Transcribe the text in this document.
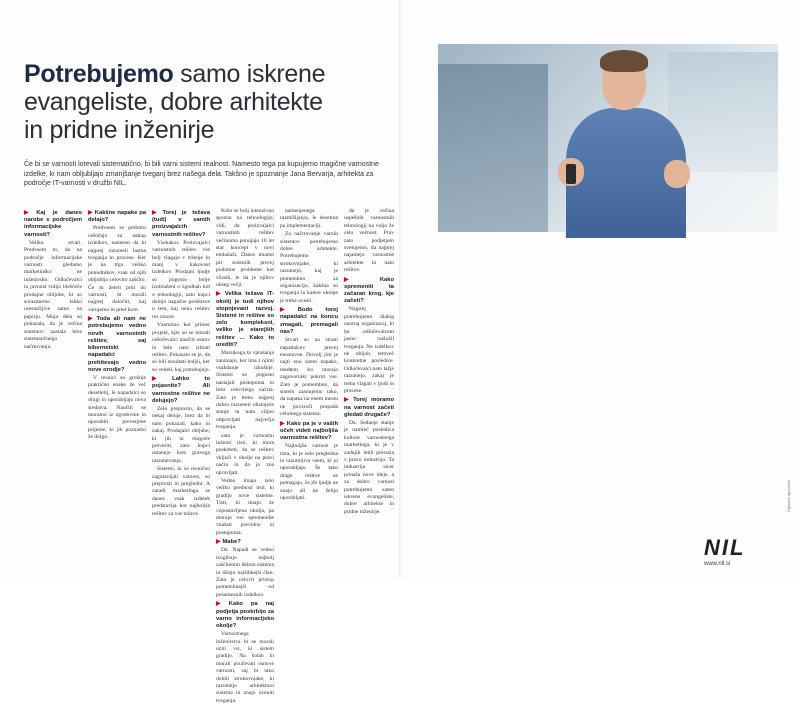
Potrebujemo samo iskrene
evangeliste, dobre arhitekte
in pridne inženirje
Če bi se varnosti lotevali sistematično, bi bili varni sistemi realnost. Namesto tega pa kupujemo magične varnostne izdelke, ki nam obljubljajo zmanjšanje tveganj brez našega dela. Takšno je spoznanje Jana Bervarja, arhitekta za področje IT-varnosti v družbi NIL.
▶ Kaj je danes narobe s področjem informacijske varnosti?
Veliko stvari. Predvsem to, da na področje informacijske varnosti gledamo marketinško ne inženirsko. Odločevalci in javnost vidijo bleščeče prodajne obljube, ki so sorazmerno lahko uresničljive samo na papirju. Moja dela so pokazala, da je večina sistemov nastala brez sistematičnega načrtovanja.
▶ Kakšne napake pa delajo?
Predvsem se prehitro odločajo za nakup izdelkov, namesto da bi najprej razumeli lastna tveganja in procese. Ker je na trgu veliko ponudnikov, vsak od njih obljublja celovito zaščito. Če bi želeli priti do varnosti, bi morali najprej določiti, kaj varujemo in pred kom.
▶ Toda ali nam ne potrebujemo vedno novih varnostnih rešitev, saj kibernetski napadalci prehitevajo vedno nove orodje?
V resnici so grožnje praktično enake že več desetletij, le napadalci so drugi in uporabljajo nova sredstva. Naučiti se moramo iz zgodovine in uporabiti preverjene prijeme, ki jih poznamo že dolgo.
▶ Torej je težava (tudi) v samih proizvajalcih varnostnih rešitev?
Vsekakor. Proizvajalci varnostnih rešitev vse bolj vlagajo v trženje in manj v kakovost izdelkov. Prodajni ljudje so pogosto bolje izobraženi o zgodbah kot o tehnologiji, zato kupci dobijo napačne predstave o tem, kaj neka rešitev res zmore.
Vzemimo kot primer projekt, kjer so se morali odločevalci naučiti osnov in šele nato izbrati rešitev. Pokazalo se je, da so bili rezultati boljši, ker so vedeli, kaj potrebujejo.
▶ Lahko to pojasnite? Ali varnostne rešitve ne delujejo?
Zelo preprosto, da se nekaj deluje, brez da bi nam pokazali, kako in zakaj. Prodajalci obljube, ki jih ni mogoče preveriti, zato kupci ostanejo brez pravega razumevanja.
Sistemi, ki so resnično zagotavljali varnost, so preprosti in pregledni. A zaradi marketinga se danes vsak izdelek predstavlja kot najboljša rešitev za vse težave.
Kdor se bolj intenzivno spozna na tehnologijo, vidi, da proizvajalci varnostnih rešitev večinoma ponujajo 10 let star koncept v novi embalaži. Danes imamo pri sistemih precej podobne probleme kot včasih, le da je njihov obseg večji.
▶ Velika težava IT-okolij je tudi njihov stopnjevani razvoj. Sistemi in rešitve so zelo kompleksni, veliko je starejših rešitev ... Kako to urediti?
Marsikoga ta vprašanja zanimajo, ker ima z njimi vsakdanje izkušnje. Sistemi so pogosto nastajali postopoma in brez celovitega načrta. Zato je treba najprej dobro razumeti obstoječe stanje in nato ciljno odpravljati največja tveganja.
zato je varnostni inženir tisti, ki mora poskrbeti, da se rešitev vključi v okolje na pravi način in da jo zna upravljati.
Vedno imajo zelo veliko prednost tisti, ki gradijo nove sisteme. Tisti, ki imajo že vzpostavljena okolja, pa morajo vse spremembe vnašati previdno in postopoma.
▶ Mabe?
Da. Napadi se vedno izogibajo najbolj zaščitenim delom sistema in iščejo najšibkejši člen. Zato je celovit pristop pomembnejši od posameznih izdelkov.
▶ Kako pa naj podjetja poskrbijo za varno informacijsko okolje?
Varnostnega inženirstva bi se morali učiti vsi, ki sistem gradijo. Na šolah bi morali poučevati osnove varnosti, saj bi tako dobili strokovnjake, ki razumejo arhitekturo sistema in znajo oceniti tveganja.
namenjenega razmišljanju, le desetina pa implementaciji.
Za načrtovanje varnih sistemov potrebujemo dobre arhitekte. Potrebujemo strokovnjake, ki razumejo, kaj je pomembno za organizacijo, kakšna so tveganja in katere ukrepe je treba uvesti.
▶ Bodo torej napadalci na koncu zmagali, premagali nas?
Stvari so na strani napadalcev precej enostavne. Dovolj jim je najti eno samo napako, medtem ko morajo zagovorniki pokriti vse. Zato je pomembno, da sistem zasnujemo tako, da napaka na enem mestu ne povzroči propada celotnega sistema.
▶ Kako pa je v vaših očeh videti najboljša varnostna rešitev?
Najboljša varnost je tista, ki je zelo pregledna in razumljiva vsem, ki jo uporabljajo. Še tako drage rešitve ne pomagajo, če jih ljudje ne znajo ali ne želijo uporabljati.
da je večina uspešnih varnostnih tehnologij na voljo že celo večnost. Prav zato podjetjem svetujemo, da najprej najamejo varnostne arhitekte in nato rešitve.
▶ Kako spremeniti ta začaran krog, kje začeti?
Najprej potrebujemo dialog znotraj organizacij, ki bo odločevalcem jasno razložil tveganja. Ne izdelkov ne obljub, temveč konkretne posledice. Odločevalci nato lažje razumejo, zakaj je treba vlagati v ljudi in procese.
▶ Torej moramo na varnost začeti gledati drugače?
Da. Sedanje stanje je namreč posledica kulture varnostnega marketinga, ki je v zadnjih letih prerasla v pravo industrijo. Ta industrija sicer prinaša nove ideje, a za dobro varnost potrebujemo samo iskrene evangeliste, dobre arhitekte in pridne inženirje.
NIL
www.nil.si
Oglasno sporočilo
